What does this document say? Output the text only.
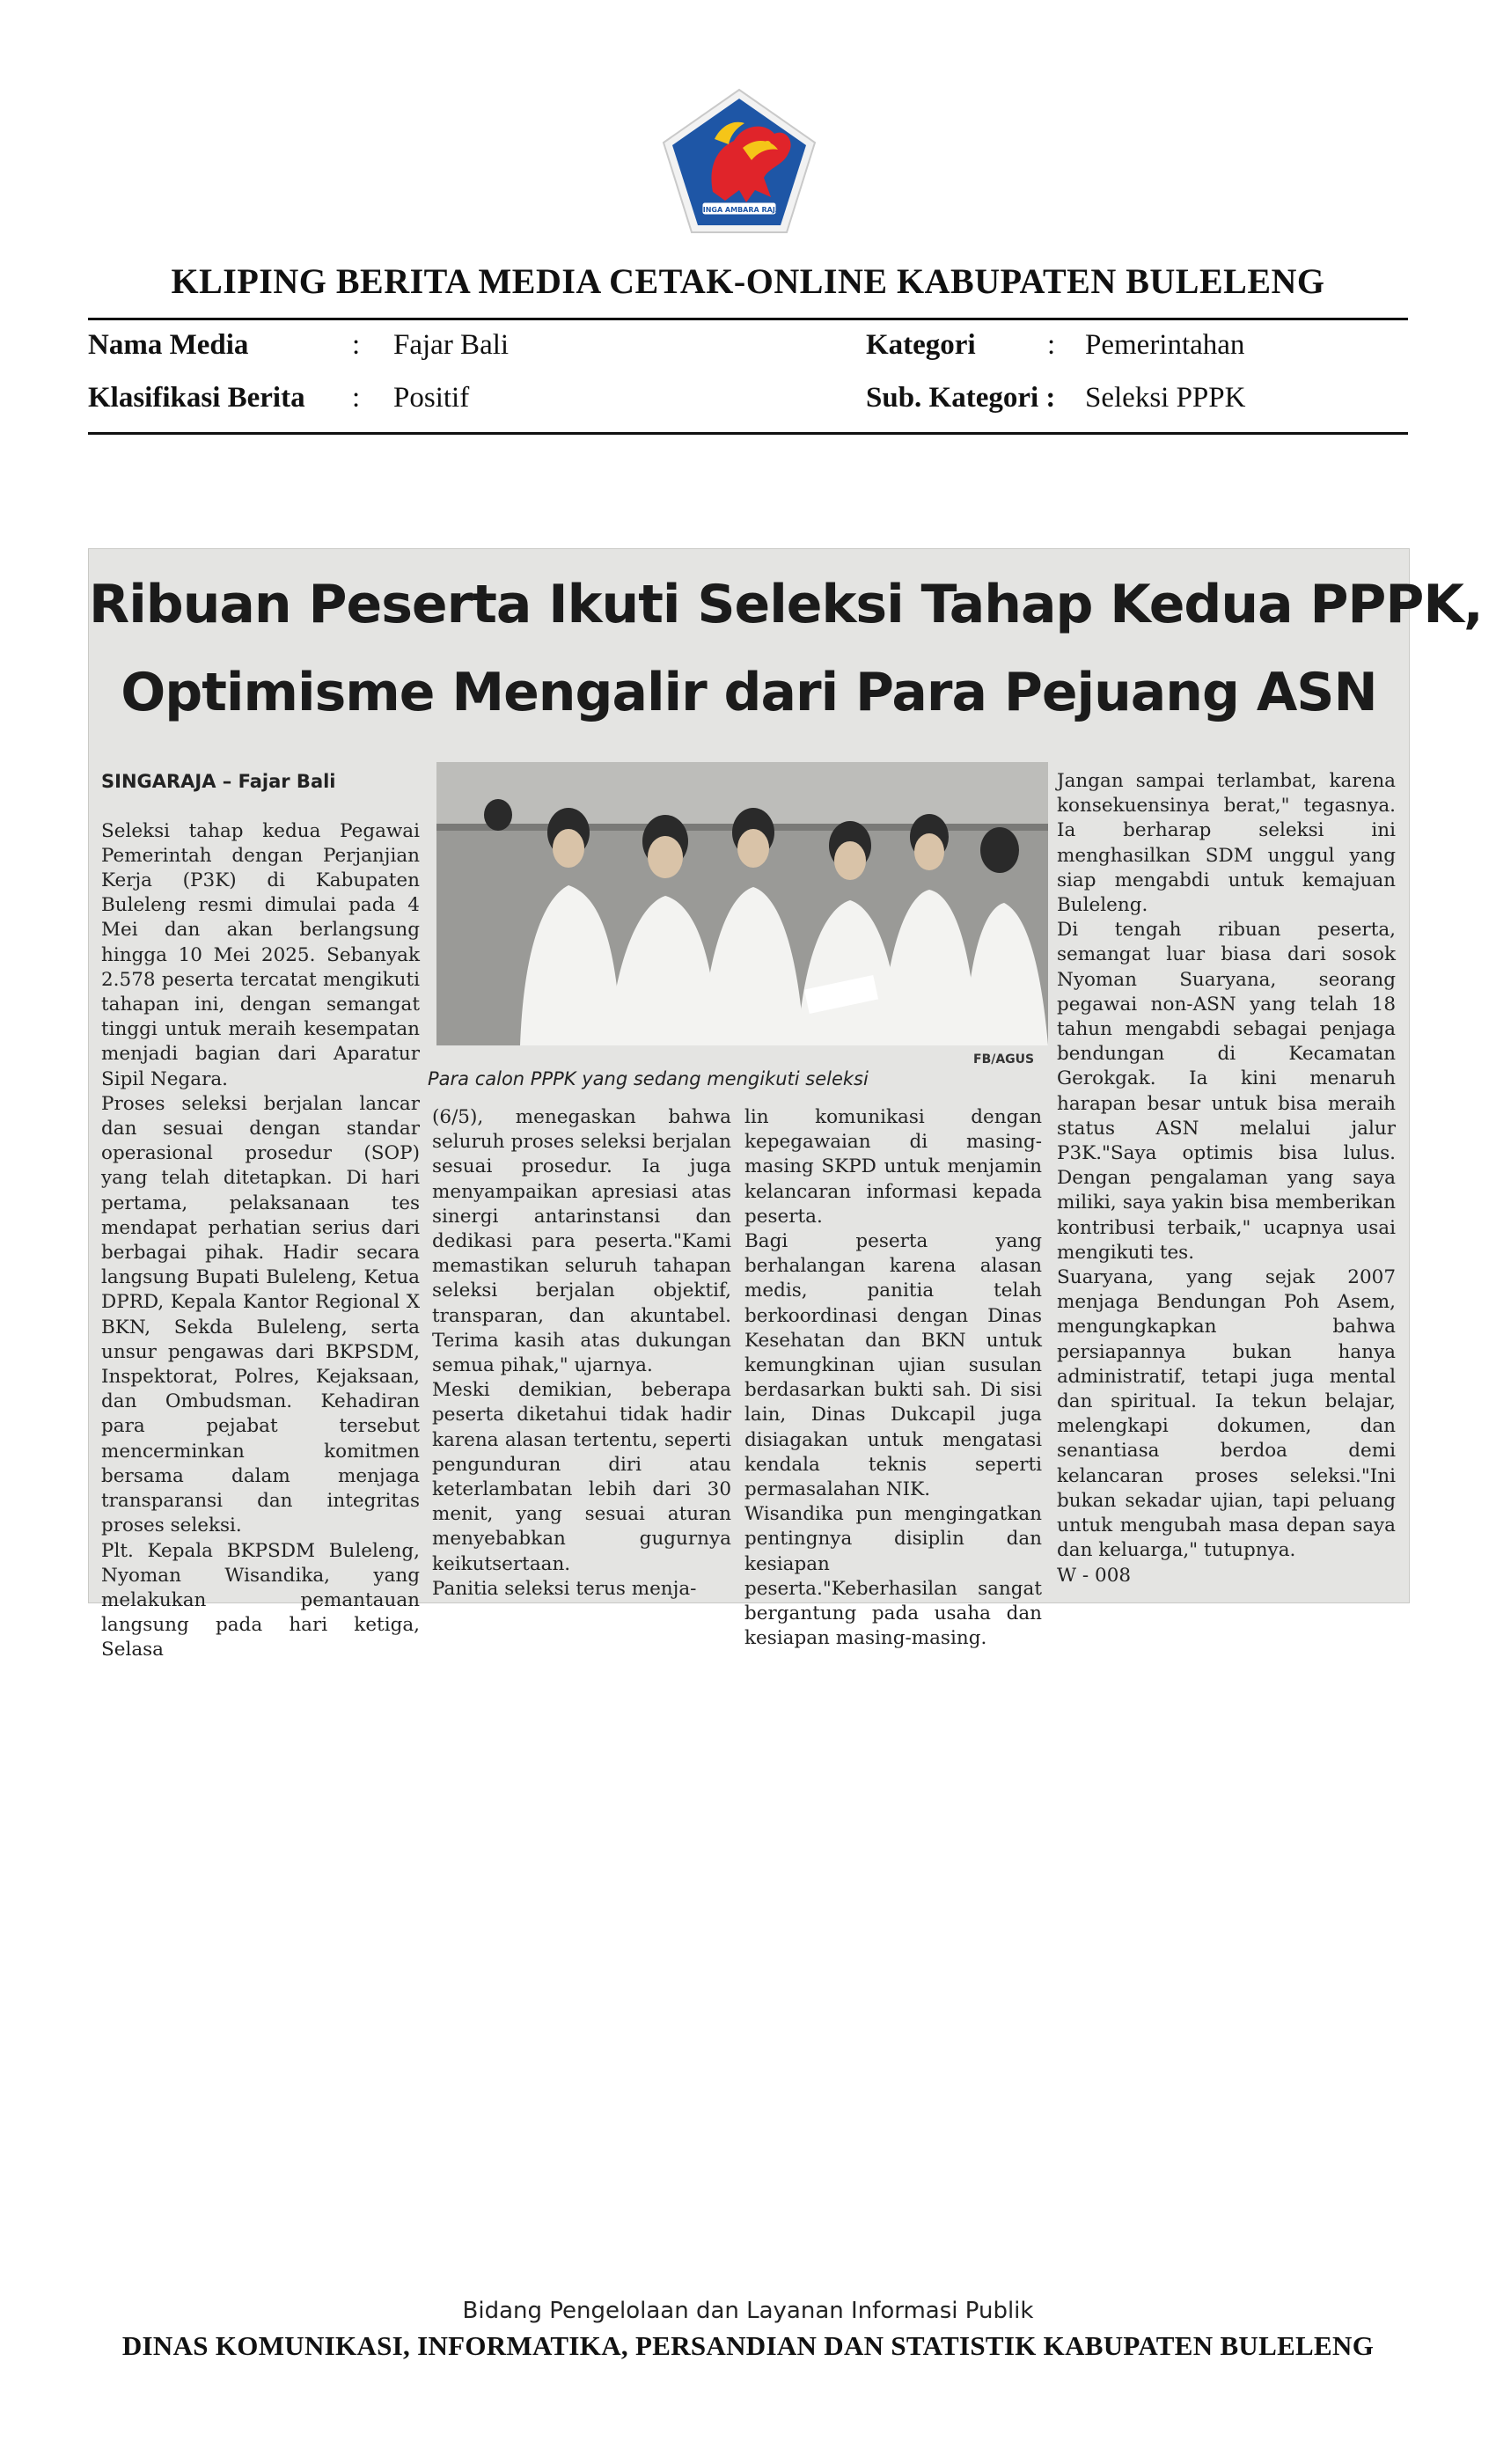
SINGA AMBARA RAJA
KLIPING BERITA MEDIA CETAK-ONLINE KABUPATEN BULELENG
Nama Media	: Fajar Bali
Klasifikasi Berita : Positif
Kategori : Pemerintahan
Sub. Kategori : Seleksi PPPK
Ribuan Peserta Ikuti Seleksi Tahap Kedua PPPK,
Optimisme Mengalir dari Para Pejuang ASN

SINGARAJA – Fajar Bali

Seleksi tahap kedua Pegawai Pemerintah dengan Perjanjian Kerja (P3K) di Kabupaten Buleleng resmi dimulai pada 4 Mei dan akan berlangsung hingga 10 Mei 2025. Sebanyak 2.578 peserta tercatat mengikuti tahapan ini, dengan semangat tinggi untuk meraih kesempatan menjadi bagian dari Aparatur Sipil Negara.
Proses seleksi berjalan lancar dan sesuai dengan standar operasional prosedur (SOP) yang telah ditetapkan. Di hari pertama, pelaksanaan tes mendapat perhatian serius dari berbagai pihak. Hadir secara langsung Bupati Buleleng, Ketua DPRD, Kepala Kantor Regional X BKN, Sekda Buleleng, serta unsur pengawas dari BKPSDM, Inspektorat, Polres, Kejaksaan, dan Ombudsman. Kehadiran para pejabat tersebut mencerminkan komitmen bersama dalam menjaga transparansi dan integritas proses seleksi.
Plt. Kepala BKPSDM Buleleng, Nyoman Wisandika, yang melakukan pemantauan langsung pada hari ketiga, Selasa

FB/AGUS
Para calon PPPK yang sedang mengikuti seleksi
(6/5), menegaskan bahwa seluruh proses seleksi berjalan sesuai prosedur. Ia juga menyampaikan apresiasi atas sinergi antarinstansi dan dedikasi para peserta."Kami memastikan seluruh tahapan seleksi berjalan objektif, transparan, dan akuntabel. Terima kasih atas dukungan semua pihak," ujarnya.
Meski demikian, beberapa peserta diketahui tidak hadir karena alasan tertentu, seperti pengunduran diri atau keterlambatan lebih dari 30 menit, yang sesuai aturan menyebabkan gugurnya keikutsertaan.
Panitia seleksi terus menja-
lin komunikasi dengan kepegawaian di masing-masing SKPD untuk menjamin kelancaran informasi kepada peserta.
Bagi peserta yang berhalangan karena alasan medis, panitia telah berkoordinasi dengan Dinas Kesehatan dan BKN untuk kemungkinan ujian susulan berdasarkan bukti sah. Di sisi lain, Dinas Dukcapil juga disiagakan untuk mengatasi kendala teknis seperti permasalahan NIK.
Wisandika pun mengingatkan pentingnya disiplin dan kesiapan peserta."Keberhasilan sangat bergantung pada usaha dan kesiapan masing-masing.
Jangan sampai terlambat, karena konsekuensinya berat," tegasnya. Ia berharap seleksi ini menghasilkan SDM unggul yang siap mengabdi untuk kemajuan Buleleng.
Di tengah ribuan peserta, semangat luar biasa dari sosok Nyoman Suaryana, seorang pegawai non-ASN yang telah 18 tahun mengabdi sebagai penjaga bendungan di Kecamatan Gerokgak. Ia kini menaruh harapan besar untuk bisa meraih status ASN melalui jalur P3K."Saya optimis bisa lulus. Dengan pengalaman yang saya miliki, saya yakin bisa memberikan kontribusi terbaik," ucapnya usai mengikuti tes.
Suaryana, yang sejak 2007 menjaga Bendungan Poh Asem, mengungkapkan bahwa persiapannya bukan hanya administratif, tetapi juga mental dan spiritual. Ia tekun belajar, melengkapi dokumen, dan senantiasa berdoa demi kelancaran proses seleksi."Ini bukan sekadar ujian, tapi peluang untuk mengubah masa depan saya dan keluarga," tutupnya.
W - 008
Bidang Pengelolaan dan Layanan Informasi Publik
DINAS KOMUNIKASI, INFORMATIKA, PERSANDIAN DAN STATISTIK KABUPATEN BULELENG
